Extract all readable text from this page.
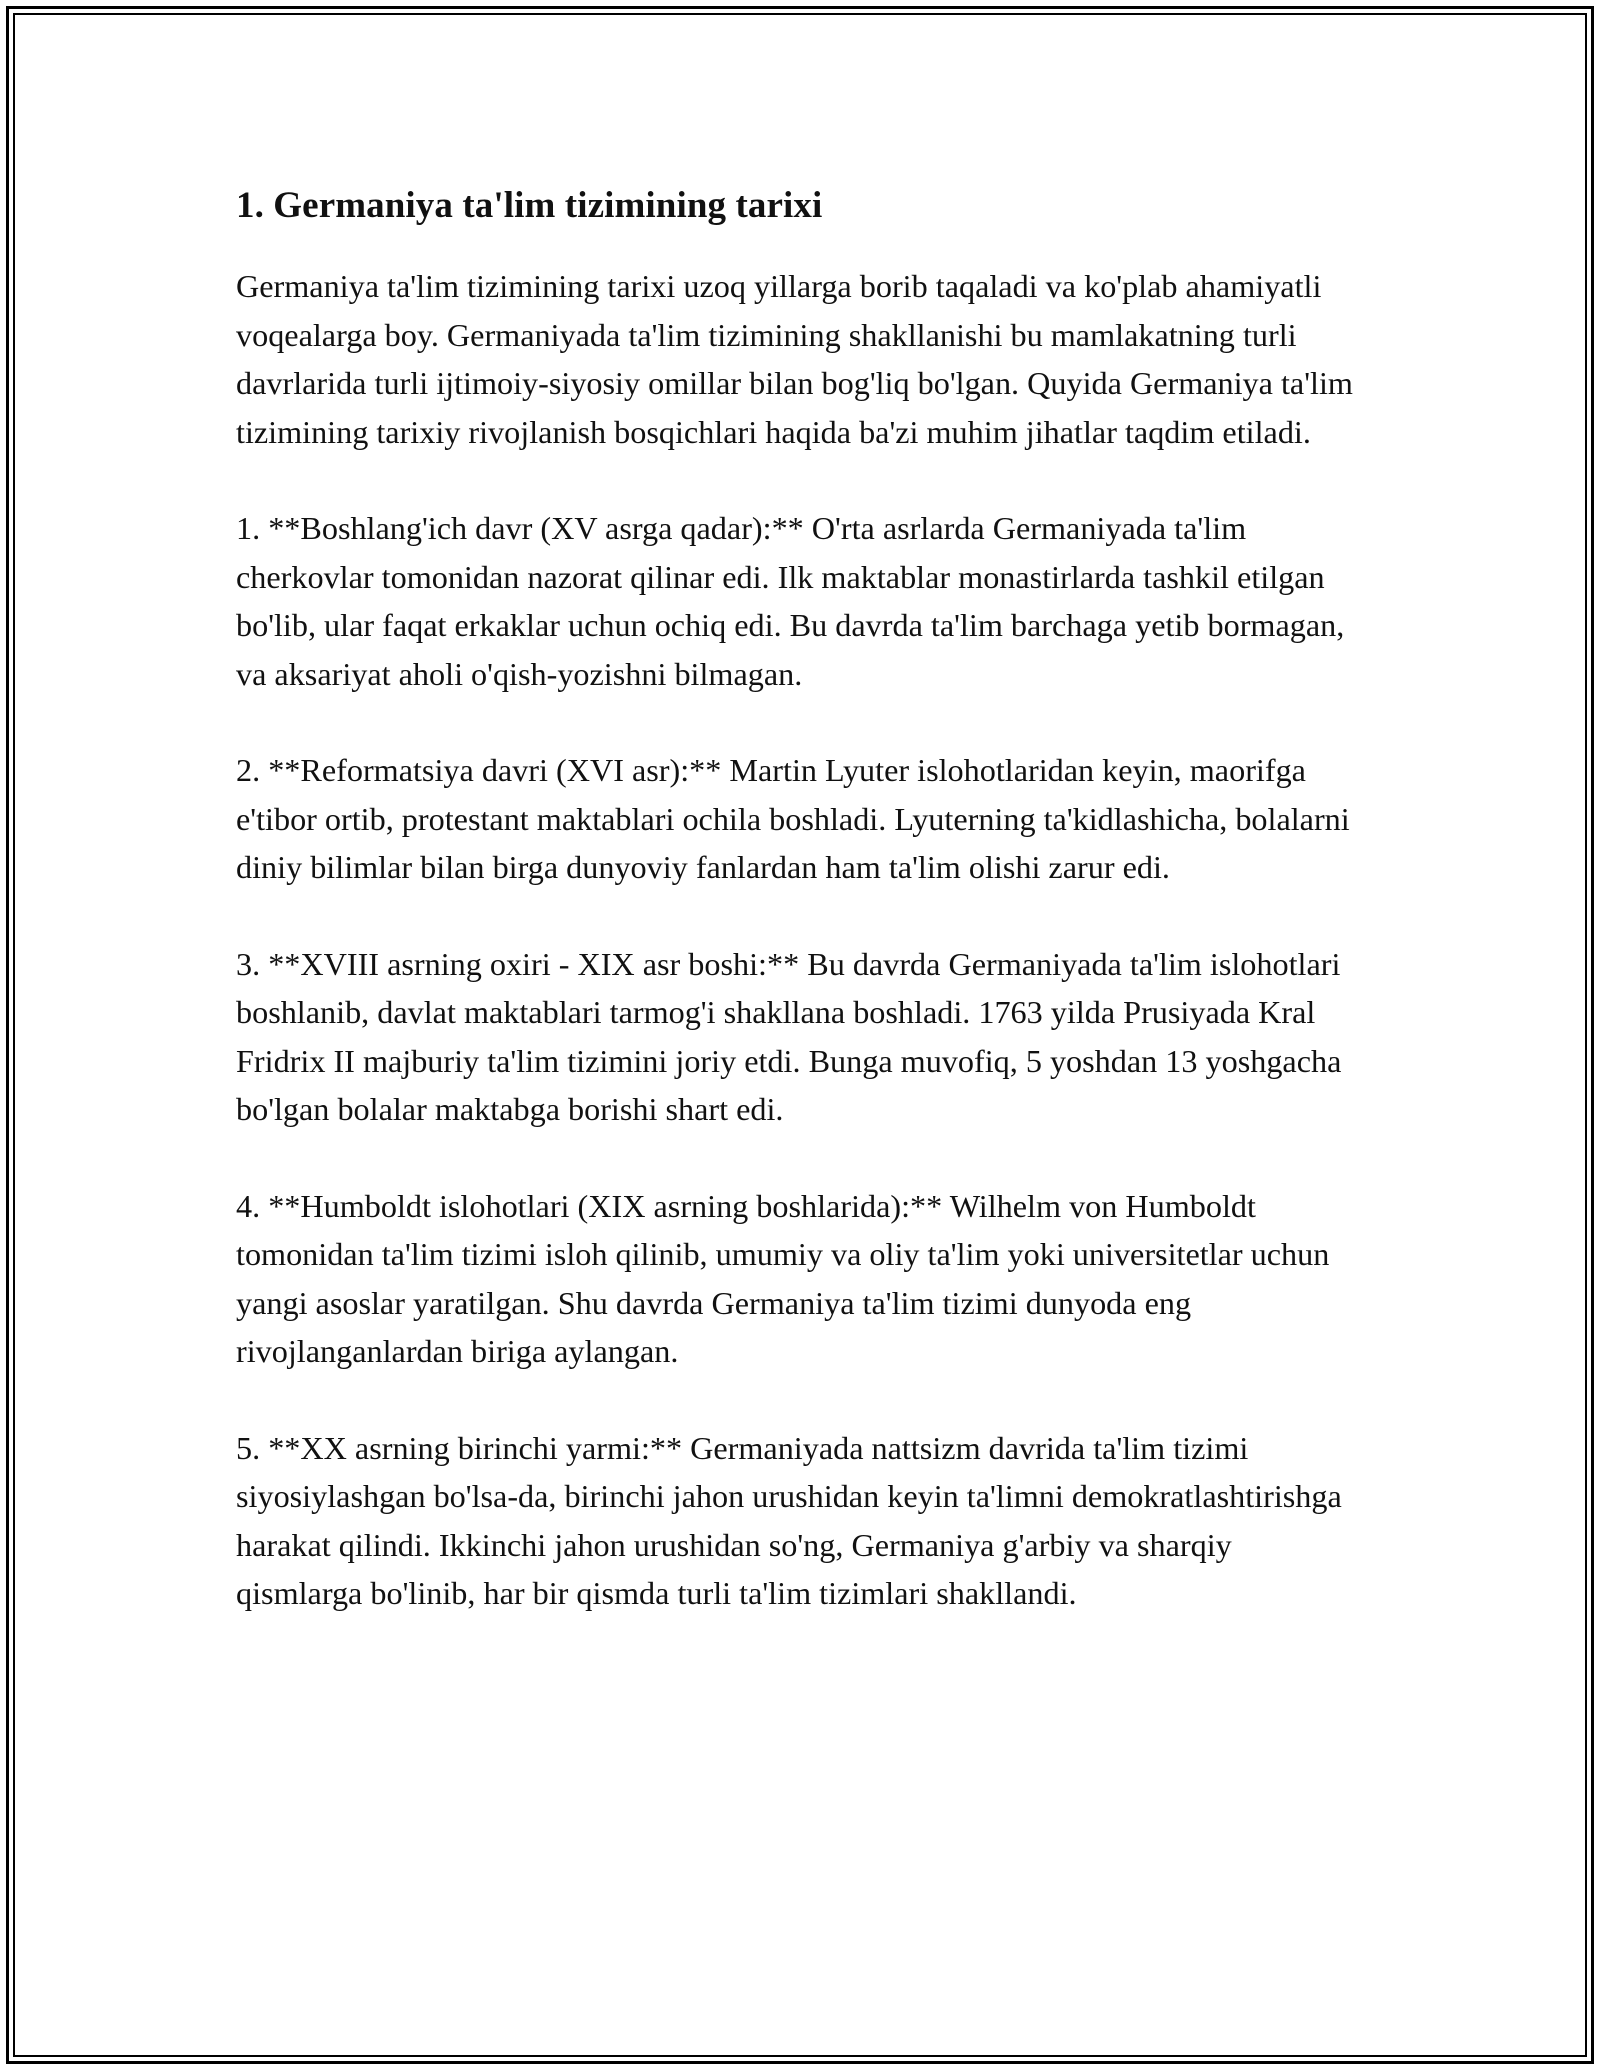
1. Germaniya ta'lim tizimining tarixi

Germaniya ta'lim tizimining tarixi uzoq yillarga borib taqaladi va ko'plab ahamiyatli voqealarga boy. Germaniyada ta'lim tizimining shakllanishi bu mamlakatning turli davrlarida turli ijtimoiy-siyosiy omillar bilan bog'liq bo'lgan. Quyida Germaniya ta'lim tizimining tarixiy rivojlanish bosqichlari haqida ba'zi muhim jihatlar taqdim etiladi.

1. **Boshlang'ich davr (XV asrga qadar):** O'rta asrlarda Germaniyada ta'lim cherkovlar tomonidan nazorat qilinar edi. Ilk maktablar monastirlarda tashkil etilgan bo'lib, ular faqat erkaklar uchun ochiq edi. Bu davrda ta'lim barchaga yetib bormagan, va aksariyat aholi o'qish-yozishni bilmagan.

2. **Reformatsiya davri (XVI asr):** Martin Lyuter islohotlaridan keyin, maorifga e'tibor ortib, protestant maktablari ochila boshladi. Lyuterning ta'kidlashicha, bolalarni diniy bilimlar bilan birga dunyoviy fanlardan ham ta'lim olishi zarur edi.

3. **XVIII asrning oxiri - XIX asr boshi:** Bu davrda Germaniyada ta'lim islohotlari boshlanib, davlat maktablari tarmog'i shakllana boshladi. 1763 yilda Prusiyada Kral Fridrix II majburiy ta'lim tizimini joriy etdi. Bunga muvofiq, 5 yoshdan 13 yoshgacha bo'lgan bolalar maktabga borishi shart edi.

4. **Humboldt islohotlari (XIX asrning boshlarida):** Wilhelm von Humboldt tomonidan ta'lim tizimi isloh qilinib, umumiy va oliy ta'lim yoki universitetlar uchun yangi asoslar yaratilgan. Shu davrda Germaniya ta'lim tizimi dunyoda eng rivojlanganlardan biriga aylangan.

5. **XX asrning birinchi yarmi:** Germaniyada nattsizm davrida ta'lim tizimi siyosiylashgan bo'lsa-da, birinchi jahon urushidan keyin ta'limni demokratlashtirishga harakat qilindi. Ikkinchi jahon urushidan so'ng, Germaniya g'arbiy va sharqiy qismlarga bo'linib, har bir qismda turli ta'lim tizimlari shakllandi.
